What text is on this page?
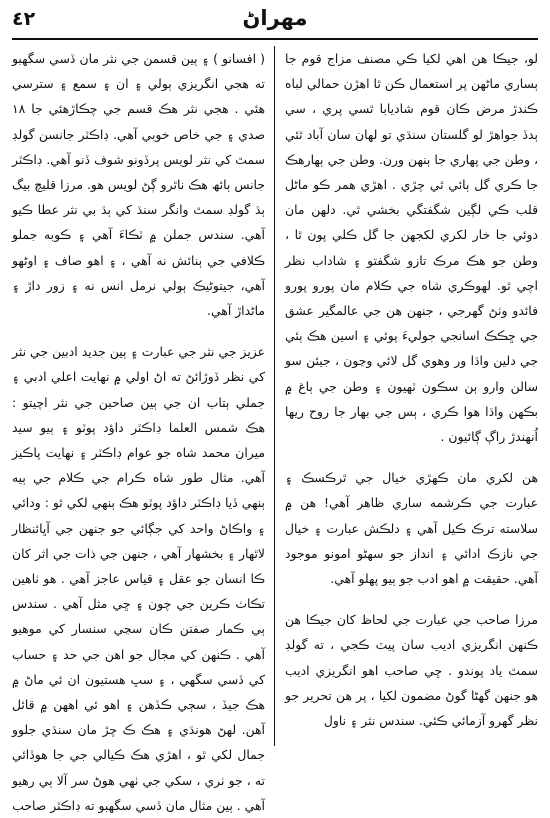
٤٢	مھراڻ

لو، جيڪا ھن اھي لکيا ڪي مصنف مزاج قوم جا ٻساري ماڻھن پر استعمال ڪن ٿا اھڙن حمالي لباه ڪندڙ مرض ڪان قوم شاديابا ٿسي پري ، سي ٻدڏ جواھڙ لو گلستان سنڌي تو لھان سان آباد ٿئي ، وطن جي پهاري جا ٻنھن ورن. وطن جي ٻھارھڪ جا ڪري گل ٻائي ٿي چڙي . اهڙي ھمر ڪو ماڻل قلب ڪي لڳين شگفتگي بخشي ٿي. دلھن مان دوئي جا خار لکري لکجهن جا گل ڪلي پون ٿا ، وطن جو ھڪ مرڪ تازو شگفتو ۽ شاداب نظر اچي ٿو. لهوڪري شاه جي ڪلام مان پورو پورو فائدو وٺڻ گھرجي ، جنھن ھن جي عالمگير عشق جي ڇڪڪ اسانجي جوليءَ پوئي ۽ اسين ھڪ ٻئي جي دلين واڌا ور وھوي گل لائي وڃون ، جيئن سو سالن وارو ٻن سڪون ٽھيون ۽ وطن جي ٻاغ ۾ بڪهن واڌا ھوا ڪري ، ٻس جي بھار جا روح ريھا اُنھندڙ راڳ ڳائيون .

ھن لکري مان ڪهڙي خيال جي ٿرڪسڪ ۽ عبارت جي ڪرشمه ساري ظاھر آھي! ھن ۾ سلاسته ترڪ ڪيل آھي ۽ دلڪش عبارت ۽ خيال جي نازڪ ادائي ۽ انداز جو سھڻو امونو موجود آھي. حقيقت ۾ اھو ادب جو ٻيو پھلو آھي.

مرزا صاحب جي عبارت جي لحاظ کان جيڪا ھن ڪنهن انگريزي اديب سان پيٽ ڪجي ، ته گولڊ سمٿ ياد پوندو . ڇي صاحب اھو انگريزي اديب ھو جنھن گھڻا گوڻ مضمون لکيا ، پر ھن تحرير جو نظر گھرو آزمائي ڪئي. سندس نثر ۽ ناول

( افسانو ) ۽ ٻين قسمن جي نثر مان ڏسي سگھبو ته ھجي انگريزي ٻولي ۽ ان ۽ سمع ۽ سترسي ھئي . ھجي نثر ھڪ قسم جي چڪاڙھئي جا ١٨ صدي ۽ جي خاص خوبي آھي. ڊاڪٽر جانسن گولڊ سمٿ کي نثر لويس پرڏونو شوف ڏنو آھي. ڊاڪٽر جانس ٻائھ ھڪ ناٿرو ڳڻ لويس ھو. مرزا قليچ بيگ ٻڌ گولڊ سمٿ وانگر سنڌ کي ٻڌ بي نثر عطا ڪيو آھي. سندس جملن ۾ ٽڪاءَ آھي ۽ ڪوبه جملو ڪلافي جي ٻنائش نه آھي ، ۽ اھو صاف ۽ اوڻهو آھي، جيتوڻيڪ ٻولي نرمل انس نه ۽ زور داڙ ۽ ماڻداڙ آھي.

عزيز جي نثر جي عبارت ۽ ٻين جديد ادبين جي نثر کي نظر ڏوڙائڻ ته اڻ اولي ۾ نهايت اعلي ادبي ۽ جملي ٻتاب ان جي ٻين صاحبن جي نثر اچيتو : ھڪ شمس العلما ڊاڪٽر داؤد پوٽو ۽ ٻيو سيد ميران محمد شاه جو عوام ڊاڪٽر ۽ نهايت پاڪيز آھي. مثال طور شاه ڪرام جي ڪلام جي ٻيه ٻنهي ڏيا ڊاڪٽر داؤد پوٽو ھڪ ٻنهي لکي ٿو : ودائي ۽ واڪاڻ واحد کي جڳائي جو جنهن جي آڀائنظار لاٿھار ۽ بخشھار آھي ، جنھن جي ذات جي اثر کان ڪا انسان جو عقل ۽ قياس عاجز آھي . ھو ٺاھين تڪاٺ ڪرين جي چون ۽ ڇي مثل آھي . سندس ٻي ڪمار صفتن ڪان سڃي سنسار کي موھيو آھي . ڪنھن کي مجال جو اھن جي حد ۽ حساب کي ڏسي سگھي ، ۽ سڀ ھستيون ان ئي ماڻ ۾ ھڪ جيڏ ، سڄي ڪڏھن ۽ اهو ئي اھھن ۾ قائل آھن. لھڻ ھونڌي ۽ ھڪ ڪ چڙ مان سنڌي جلوو جمال لکي ٿو ، اھڙي ھڪ ڪيالي جي جا ھوڏائي ته ، جو ٺري ، سکي جي ٺھي ھوڻ سر آلا ٻي رھيو آھي . ٻين مثال مان ڏسي سگھبو ته ڊاڪٽر صاحب
